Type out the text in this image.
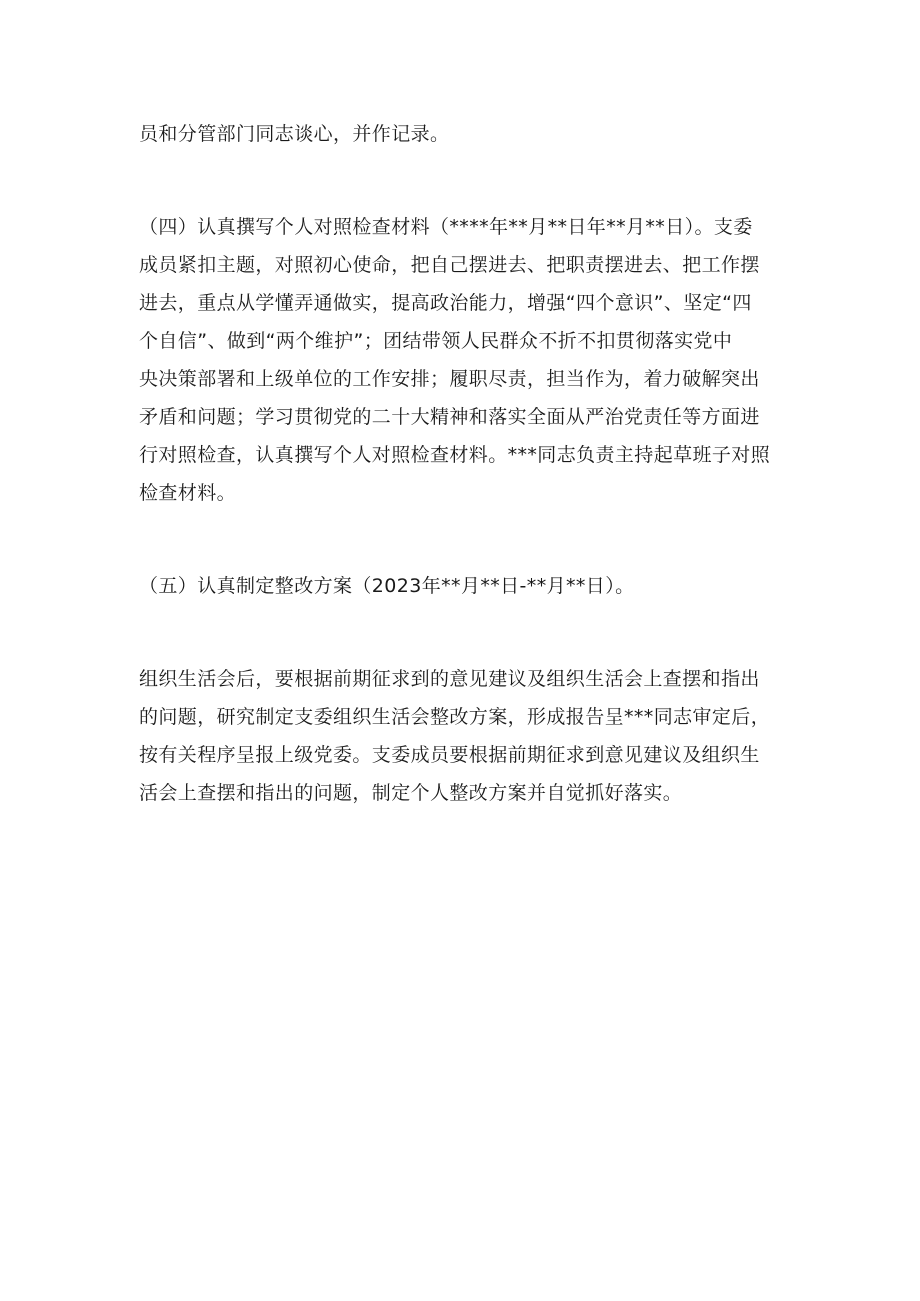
员和分管部门同志谈心，并作记录。
（四）认真撰写个人对照检查材料（****年**月**日年**月**日）。支委
成员紧扣主题，对照初心使命，把自己摆进去、把职责摆进去、把工作摆
进去，重点从学懂弄通做实，提高政治能力，增强“四个意识”、坚定“四
个自信”、做到“两个维护”；团结带领人民群众不折不扣贯彻落实党中
央决策部署和上级单位的工作安排；履职尽责，担当作为，着力破解突出
矛盾和问题；学习贯彻党的二十大精神和落实全面从严治党责任等方面进
行对照检查，认真撰写个人对照检查材料。***同志负责主持起草班子对照
检查材料。
（五）认真制定整改方案（2023年**月**日-**月**日）。
组织生活会后，要根据前期征求到的意见建议及组织生活会上查摆和指出
的问题，研究制定支委组织生活会整改方案，形成报告呈***同志审定后，
按有关程序呈报上级党委。支委成员要根据前期征求到意见建议及组织生
活会上查摆和指出的问题，制定个人整改方案并自觉抓好落实。
